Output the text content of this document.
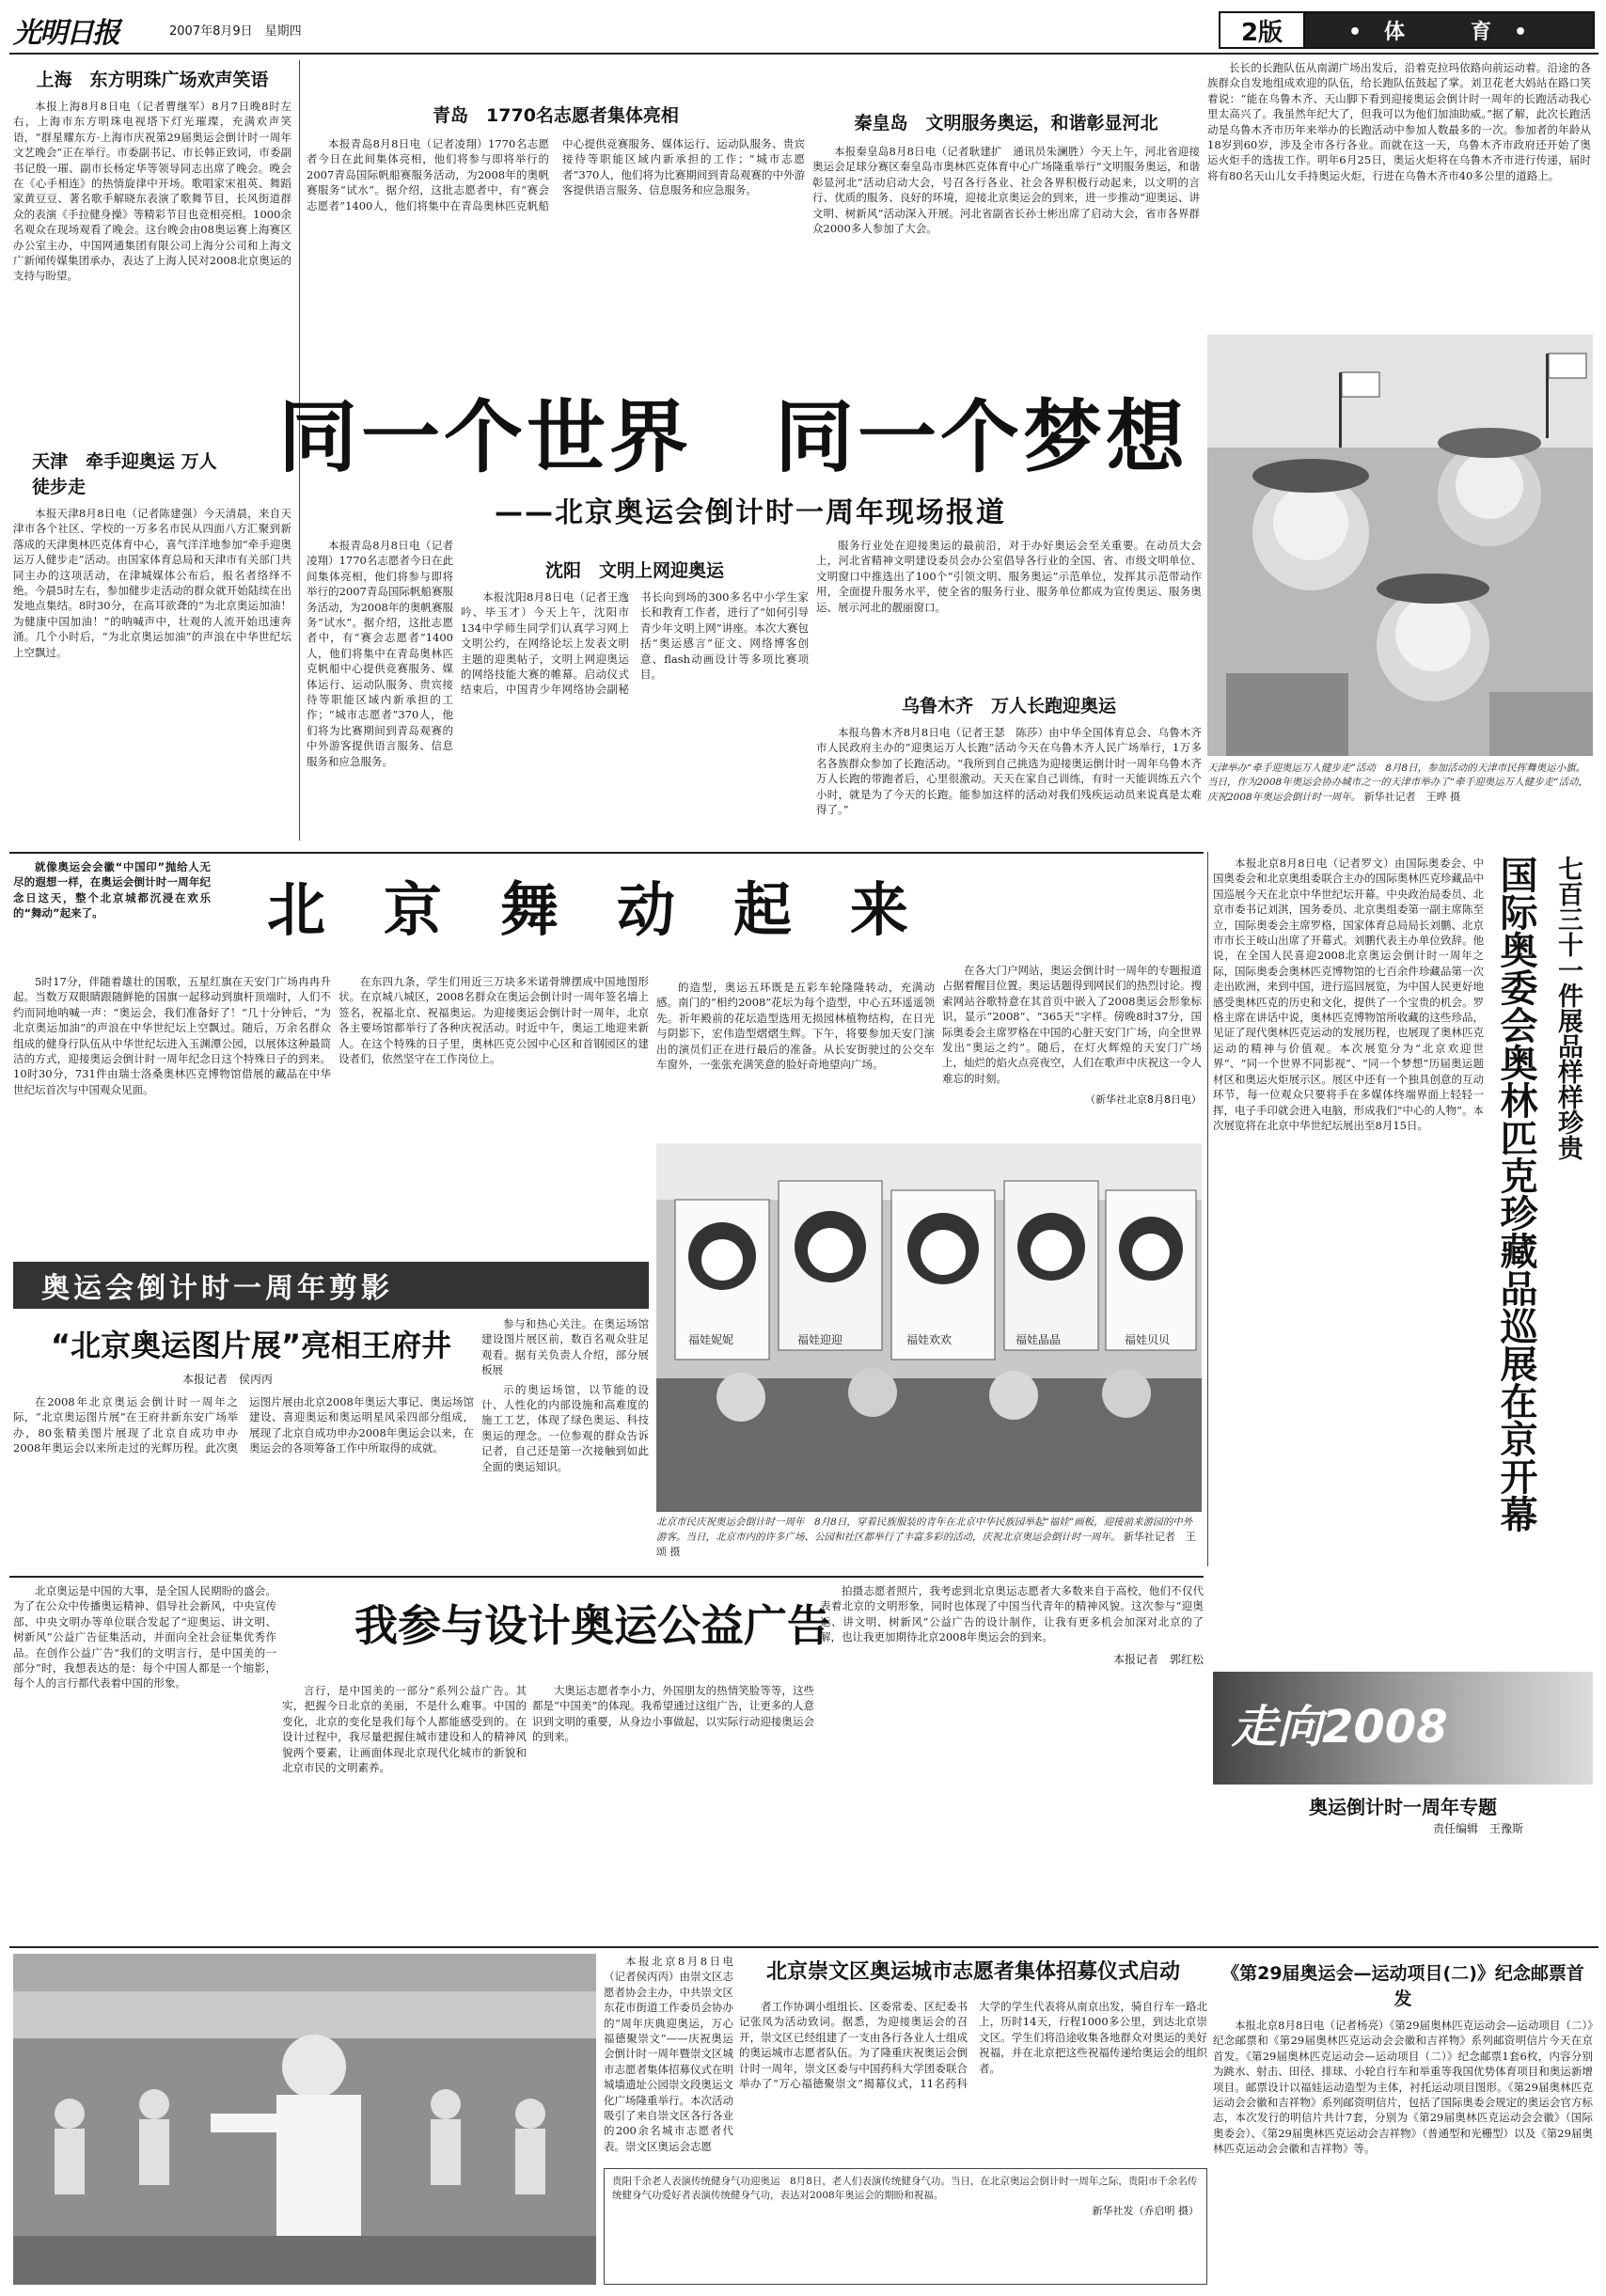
光明日报	2007年8月9日　星期四	2版	•体　育•
上海　东方明珠广场欢声笑语
本报上海8月8日电（记者曹继军）8月7日晚8时左右，上海市东方明珠电视塔下灯光璀璨，充满欢声笑语，“群星耀东方·上海市庆祝第29届奥运会倒计时一周年文艺晚会”正在举行。市委副书记、市长韩正致词，市委副书记殷一璀、副市长杨定华等领导同志出席了晚会。晚会在《心手相连》的热情旋律中开场。歌唱家宋祖英、舞蹈家黄豆豆、著名歌手解晓东表演了歌舞节目，长风街道群众的表演《手拉健身操》等精彩节目也竞相亮相。1000余名观众在现场观看了晚会。这台晚会由08奥运赛上海赛区办公室主办，中国网通集团有限公司上海分公司和上海文广新闻传媒集团承办，表达了上海人民对2008北京奥运的支持与盼望。
天津　牵手迎奥运 万人徒步走
本报天津8月8日电（记者陈建强）今天清晨，来自天津市各个社区、学校的一万多名市民从四面八方汇聚到新落成的天津奥林匹克体育中心，喜气洋洋地参加“牵手迎奥运万人健步走”活动。由国家体育总局和天津市有关部门共同主办的这项活动，在津城媒体公布后，报名者络绎不绝。今晨5时左右，参加健步走活动的群众就开始陆续在出发地点集结。8时30分，在高耳欲聋的“为北京奥运加油！为健康中国加油！”的呐喊声中，壮观的人流开始迅速奔涌。几个小时后，“为北京奥运加油”的声浪在中华世纪坛上空飘过。
青岛　1770名志愿者集体亮相
本报青岛8月8日电（记者凌翔）1770名志愿者今日在此间集体亮相，他们将参与即将举行的2007青岛国际帆船赛服务活动，为2008年的奥帆赛服务“试水”。据介绍，这批志愿者中，有“赛会志愿者”1400人，他们将集中在青岛奥林匹克帆船中心提供竞赛服务、媒体运行、运动队服务、贵宾接待等职能区域内新承担的工作；“城市志愿者”370人，他们将为比赛期间到青岛观赛的中外游客提供语言服务、信息服务和应急服务。
秦皇岛　文明服务奥运，和谐彰显河北
本报秦皇岛8月8日电（记者耿建扩　通讯员朱澜胜）今天上午，河北省迎接奥运会足球分赛区秦皇岛市奥林匹克体育中心广场隆重举行“文明服务奥运，和谐彰显河北”活动启动大会，号召各行各业、社会各界积极行动起来，以文明的言行、优质的服务、良好的环境，迎接北京奥运会的到来，进一步推动“迎奥运、讲文明、树新风”活动深入开展。河北省副省长孙士彬出席了启动大会，省市各界群众2000多人参加了大会。
长长的长跑队伍从南湖广场出发后，沿着克拉玛依路向前运动着。沿途的各族群众自发地组成欢迎的队伍，给长跑队伍鼓起了掌。刘卫花老大妈站在路口笑着说：“能在乌鲁木齐、天山脚下看到迎接奥运会倒计时一周年的长跑活动我心里太高兴了。我虽然年纪大了，但我可以为他们加油助威。”据了解，此次长跑活动是乌鲁木齐市历年来举办的长跑活动中参加人数最多的一次。参加者的年龄从18岁到60岁，涉及全市各行各业。而就在这一天，乌鲁木齐市政府还开始了奥运火炬手的选拔工作。明年6月25日，奥运火炬将在乌鲁木齐市进行传递，届时将有80名天山儿女手持奥运火炬，行进在乌鲁木齐市40多公里的道路上。
同一个世界　同一个梦想
——北京奥运会倒计时一周年现场报道
天津举办“牵手迎奥运万人健步走”活动　8月8日，参加活动的天津市民挥舞奥运小旗。当日，作为2008年奥运会协办城市之一的天津市举办了“牵手迎奥运万人健步走”活动，庆祝2008年奥运会倒计时一周年。 新华社记者　王晔 摄
本报青岛8月8日电（记者凌翔）1770名志愿者今日在此间集体亮相，他们将参与即将举行的2007青岛国际帆船赛服务活动，为2008年的奥帆赛服务“试水”。据介绍，这批志愿者中，有“赛会志愿者”1400人，他们将集中在青岛奥林匹克帆船中心提供竞赛服务、媒体运行、运动队服务、贵宾接待等职能区域内新承担的工作；“城市志愿者”370人，他们将为比赛期间到青岛观赛的中外游客提供语言服务、信息服务和应急服务。
沈阳　文明上网迎奥运
本报沈阳8月8日电（记者王逸吟、毕玉才）今天上午，沈阳市134中学师生同学们认真学习网上文明公约，在网络论坛上发表文明主题的迎奥帖子，文明上网迎奥运的网络技能大赛的帷幕。启动仪式结束后，中国青少年网络协会副秘书长向到场的300多名中小学生家长和教育工作者，进行了“如何引导青少年文明上网”讲座。本次大赛包括“奥运感言”征文、网络博客创意、flash动画设计等多项比赛项目。
服务行业处在迎接奥运的最前沿，对于办好奥运会至关重要。在动员大会上，河北省精神文明建设委员会办公室倡导各行业的全国、省、市级文明单位、文明窗口中推选出了100个“引领文明、服务奥运”示范单位，发挥其示范带动作用，全面提升服务水平，使全省的服务行业、服务单位都成为宣传奥运、服务奥运、展示河北的靓丽窗口。
乌鲁木齐　万人长跑迎奥运
本报乌鲁木齐8月8日电（记者王瑟　陈莎）由中华全国体育总会、乌鲁木齐市人民政府主办的“迎奥运万人长跑”活动今天在乌鲁木齐人民广场举行，1万多名各族群众参加了长跑活动。“我所到自己挑选为迎接奥运倒计时一周年乌鲁木齐万人长跑的带跑者后，心里很激动。天天在家自己训练，有时一天能训练五六个小时，就是为了今天的长跑。能参加这样的活动对我们残疾运动员来说真是太难得了。”
就像奥运会会徽“中国印”抛给人无尽的遐想一样，在奥运会倒计时一周年纪念日这天，整个北京城都沉浸在欢乐的“舞动”起来了。	北　京　舞　动　起　来
5时17分，伴随着雄壮的国歌，五星红旗在天安门广场冉冉升起。当数万双眼睛跟随鲜艳的国旗一起移动到旗杆顶端时，人们不约而同地呐喊一声：“奥运会，我们准备好了！”几十分钟后，“为北京奥运加油”的声浪在中华世纪坛上空飘过。随后，万余名群众组成的健身行队伍从中华世纪坛进入玉渊潭公园，以展体这种最简洁的方式，迎接奥运会倒计时一周年纪念日这个特殊日子的到来。10时30分，731件由瑞士洛桑奥林匹克博物馆借展的藏品在中华世纪坛首次与中国观众见面。
在东四九条，学生们用近三万块多米诺骨牌摆成中国地图形状。在京城八城区，2008名群众在奥运会倒计时一周年签名墙上签名，祝福北京、祝福奥运。为迎接奥运会倒计时一周年，北京各主要场馆都举行了各种庆祝活动。时近中午，奥运工地迎来新人。在这个特殊的日子里，奥林匹克公园中心区和首钢园区的建设者们，依然坚守在工作岗位上。
的造型，奥运五环既是五彩车轮隆隆转动，充满动感。南门的“相约2008”花坛为每个造型，中心五环遥遥领先。祈年殿前的花坛造型选用无损园林植物结构，在日光与阴影下，宏伟造型熠熠生辉。下午，将要参加天安门演出的演员们正在进行最后的准备。从长安街驶过的公交车车窗外，一张张充满笑意的脸好奇地望向广场。
在各大门户网站，奥运会倒计时一周年的专题报道占据着醒目位置。奥运话题得到网民们的热烈讨论。搜索网站谷歌特意在其首页中嵌入了2008奥运会形象标识，显示“2008”、“365天”字样。傍晚8时37分，国际奥委会主席罗格在中国的心脏天安门广场，向全世界发出“奥运之约”。随后，在灯火辉煌的天安门广场上，灿烂的焰火点亮夜空，人们在歌声中庆祝这一令人难忘的时刻。
（新华社北京8月8日电）
福娃妮妮	福娃迎迎	福娃欢欢	福娃晶晶	福娃贝贝
北京市民庆祝奥运会倒计时一周年　8月8日，穿着民族服装的青年在北京中华民族园举起“福娃”画板，迎接前来游园的中外游客。当日，北京市内的许多广场、公园和社区都举行了丰富多彩的活动，庆祝北京奥运会倒计时一周年。 新华社记者　王颂 摄
奥运会倒计时一周年剪影
“北京奥运图片展”亮相王府井
本报记者　侯丙丙
在2008年北京奥运会倒计时一周年之际，“北京奥运图片展”在王府井新东安广场举办，80张精美图片展现了北京自成功申办2008年奥运会以来所走过的光辉历程。此次奥运图片展由北京2008年奥运大事记、奥运场馆建设、喜迎奥运和奥运明星风采四部分组成，展现了北京自成功申办2008年奥运会以来，在奥运会的各项筹备工作中所取得的成就。
参与和热心关注。在奥运场馆建设图片展区前，数百名观众驻足观看。据有关负责人介绍，部分展板展
示的奥运场馆，以节能的设计、人性化的内部设施和高难度的施工工艺，体现了绿色奥运、科技奥运的理念。一位参观的群众告诉记者，自己还是第一次接触到如此全面的奥运知识。
七百三十一件展品样样珍贵
国际奥委会奥林匹克珍藏品巡展在京开幕
本报北京8月8日电（记者罗文）由国际奥委会、中国奥委会和北京奥组委联合主办的国际奥林匹克珍藏品中国巡展今天在北京中华世纪坛开幕。中央政治局委员、北京市委书记刘淇，国务委员、北京奥组委第一副主席陈至立，国际奥委会主席罗格，国家体育总局局长刘鹏、北京市市长王岐山出席了开幕式。刘鹏代表主办单位致辞。他说，在全国人民喜迎2008北京奥运会倒计时一周年之际，国际奥委会奥林匹克博物馆的七百余件珍藏品第一次走出欧洲，来到中国，进行巡回展览，为中国人民更好地感受奥林匹克的历史和文化，提供了一个宝贵的机会。罗格主席在讲话中说，奥林匹克博物馆所收藏的这些珍品，见证了现代奥林匹克运动的发展历程，也展现了奥林匹克运动的精神与价值观。本次展览分为“北京欢迎世界”、“同一个世界不同影视”、“同一个梦想”历届奥运题材区和奥运火炬展示区。展区中还有一个独具创意的互动环节，每一位观众只要将手在多媒体终端界面上轻轻一挥，电子手印就会进入电脑，形成我们“中心的人物”。本次展览将在北京中华世纪坛展出至8月15日。
北京奥运是中国的大事，是全国人民期盼的盛会。为了在公众中传播奥运精神、倡导社会新风，中央宣传部、中央文明办等单位联合发起了“迎奥运、讲文明、树新风”公益广告征集活动，并面向全社会征集优秀作品。在创作公益广告“我们的文明言行，是中国美的一部分”时，我想表达的是：每个中国人都是一个缩影，每个人的言行都代表着中国的形象。
我参与设计奥运公益广告
言行，是中国美的一部分”系列公益广告。其实，把握今日北京的美丽，不是什么难事。中国的变化，北京的变化是我们每个人都能感受到的。在设计过程中，我尽量把握住城市建设和人的精神风貌两个要素，让画面体现北京现代化城市的新貌和北京市民的文明素养。
大奥运志愿者李小力，外国朋友的热情笑脸等等，这些都是“中国美”的体现。我希望通过这组广告，让更多的人意识到文明的重要，从身边小事做起，以实际行动迎接奥运会的到来。
拍摄志愿者照片，我考虑到北京奥运志愿者大多数来自于高校，他们不仅代表着北京的文明形象，同时也体现了中国当代青年的精神风貌。这次参与“迎奥运、讲文明、树新风”公益广告的设计制作，让我有更多机会加深对北京的了解，也让我更加期待北京2008年奥运会的到来。
本报记者　郭红松
走向2008
奥运倒计时一周年专题
责任编辑　王豫斯
本报北京8月8日电（记者侯丙丙）由崇文区志愿者协会主办，中共崇文区东花市街道工作委员会协办的“周年庆典迎奥运，万心福德聚崇文”——庆祝奥运会倒计时一周年暨崇文区城市志愿者集体招募仪式在明城墙遗址公园崇文段奥运文化广场隆重举行。本次活动吸引了来自崇文区各行各业的200余名城市志愿者代表。崇文区奥运会志愿
北京崇文区奥运城市志愿者集体招募仪式启动
者工作协调小组组长、区委常委、区纪委书记张凤为活动致词。据悉，为迎接奥运会的召开，崇文区已经组建了一支由各行各业人士组成的奥运城市志愿者队伍。为了隆重庆祝奥运会倒计时一周年，崇文区委与中国药科大学团委联合举办了“万心福德聚崇文”揭幕仪式，11名药科大学的学生代表将从南京出发，骑自行车一路北上，历时14天，行程1000多公里，到达北京崇文区。学生们将沿途收集各地群众对奥运的美好祝福，并在北京把这些祝福传递给奥运会的组织者。
贵阳千余老人表演传统健身气功迎奥运　8月8日，老人们表演传统健身气功。当日，在北京奥运会倒计时一周年之际，贵阳市千余名传统健身气功爱好者表演传统健身气功，表达对2008年奥运会的期盼和祝福。
新华社发（乔启明 摄）
《第29届奥运会—运动项目(二)》纪念邮票首发
本报北京8月8日电（记者杨亮）《第29届奥林匹克运动会—运动项目（二）》纪念邮票和《第29届奥林匹克运动会会徽和吉祥物》系列邮资明信片今天在京首发。《第29届奥林匹克运动会—运动项目（二）》纪念邮票1套6枚，内容分别为跳水、射击、田径、排球、小轮自行车和举重等我国优势体育项目和奥运新增项目。邮票设计以福娃运动造型为主体，衬托运动项目图形。《第29届奥林匹克运动会会徽和吉祥物》系列邮资明信片，包括了国际奥委会规定的奥运会官方标志，本次发行的明信片共计7套，分别为《第29届奥林匹克运动会会徽》（国际奥委会）、《第29届奥林匹克运动会吉祥物》（普通型和光栅型）以及《第29届奥林匹克运动会会徽和吉祥物》等。
